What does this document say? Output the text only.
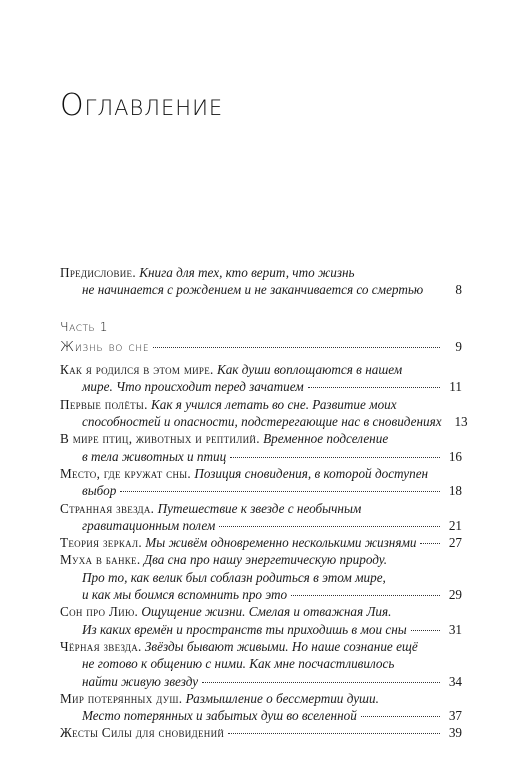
Оглавление
Предисловие. Книга для тех, кто верит, что жизнь
не начинается с рождением и не заканчивается со смертью	8
Часть 1
Жизнь во сне	9
Как я родился в этом мире. Как души воплощаются в нашем
мире. Что происходит перед зачатием	11
Первые полёты. Как я учился летать во сне. Развитие моих
способностей и опасности, подстерегающие нас в сновидениях 13
В мире птиц, животных и рептилий. Временное подселение
в тела животных и птиц	16
Место, где кружат сны. Позиция сновидения, в которой доступен
выбор	18
Странная звезда. Путешествие к звезде с необычным
гравитационным полем	21
Теория зеркал. Мы живём одновременно несколькими жизнями	27
Муха в банке. Два сна про нашу энергетическую природу.
Про то, как велик был соблазн родиться в этом мире,
и как мы боимся вспомнить про это	29
Сон про Лию. Ощущение жизни. Смелая и отважная Лия.
Из каких времён и пространств ты приходишь в мои сны	31
Чёрная звезда. Звёзды бывают живыми. Но наше сознание ещё
не готово к общению с ними. Как мне посчастливилось
найти живую звезду	34
Мир потерянных душ. Размышление о бессмертии души.
Место потерянных и забытых душ во вселенной	37
Жесты Силы для сновидений	39
